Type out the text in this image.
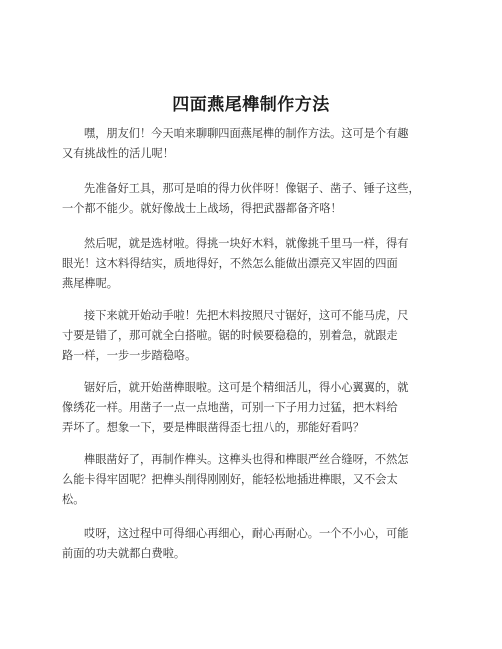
四面燕尾榫制作方法
嘿，朋友们！今天咱来聊聊四面燕尾榫的制作方法。这可是个有趣
又有挑战性的活儿呢！
先准备好工具，那可是咱的得力伙伴呀！像锯子、凿子、锤子这些，
一个都不能少。就好像战士上战场，得把武器都备齐咯！
然后呢，就是选材啦。得挑一块好木料，就像挑千里马一样，得有
眼光！这木料得结实，质地得好，不然怎么能做出漂亮又牢固的四面
燕尾榫呢。
接下来就开始动手啦！先把木料按照尺寸锯好，这可不能马虎，尺
寸要是错了，那可就全白搭啦。锯的时候要稳稳的，别着急，就跟走
路一样，一步一步踏稳咯。
锯好后，就开始凿榫眼啦。这可是个精细活儿，得小心翼翼的，就
像绣花一样。用凿子一点一点地凿，可别一下子用力过猛，把木料给
弄坏了。想象一下，要是榫眼凿得歪七扭八的，那能好看吗？
榫眼凿好了，再制作榫头。这榫头也得和榫眼严丝合缝呀，不然怎
么能卡得牢固呢？把榫头削得刚刚好，能轻松地插进榫眼，又不会太
松。
哎呀，这过程中可得细心再细心，耐心再耐心。一个不小心，可能
前面的功夫就都白费啦。
